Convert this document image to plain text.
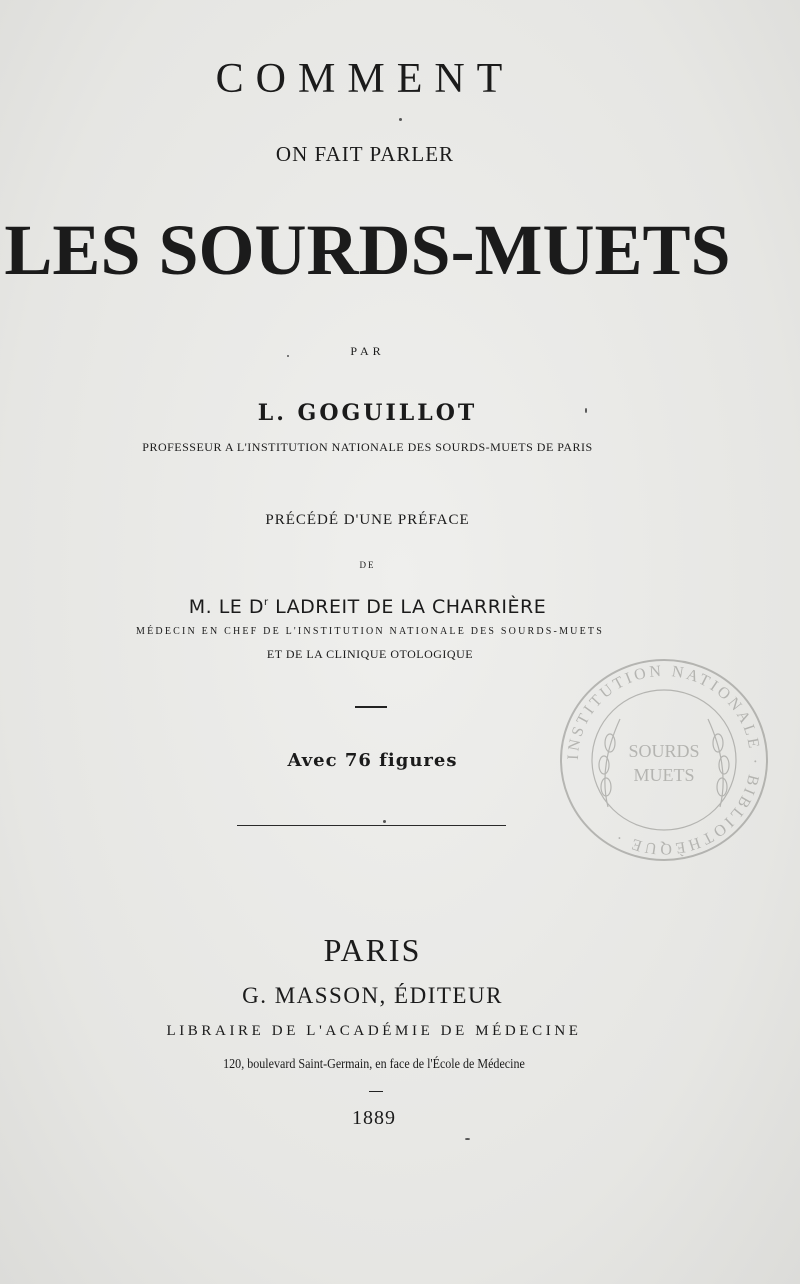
COMMENT
ON FAIT PARLER
LES SOURDS-MUETS
PAR
L. GOGUILLOT
PROFESSEUR A L'INSTITUTION NATIONALE DES SOURDS-MUETS DE PARIS
PRÉCÉDÉ D'UNE PRÉFACE
DE
M. LE $D^r$ LADREIT DE LA CHARRIÈRE
MÉDECIN EN CHEF DE L'INSTITUTION NATIONALE DES SOURDS-MUETS
ET DE LA CLINIQUE OTOLOGIQUE
Avec 76 figures	INSTITUTION NATIONALE · BIBLIOTHÈQUE ·
SOURDS
MUETS
PARIS
G. MASSON, ÉDITEUR
LIBRAIRE DE L'ACADÉMIE DE MÉDECINE
120, boulevard Saint-Germain, en face de l'École de Médecine
1889
